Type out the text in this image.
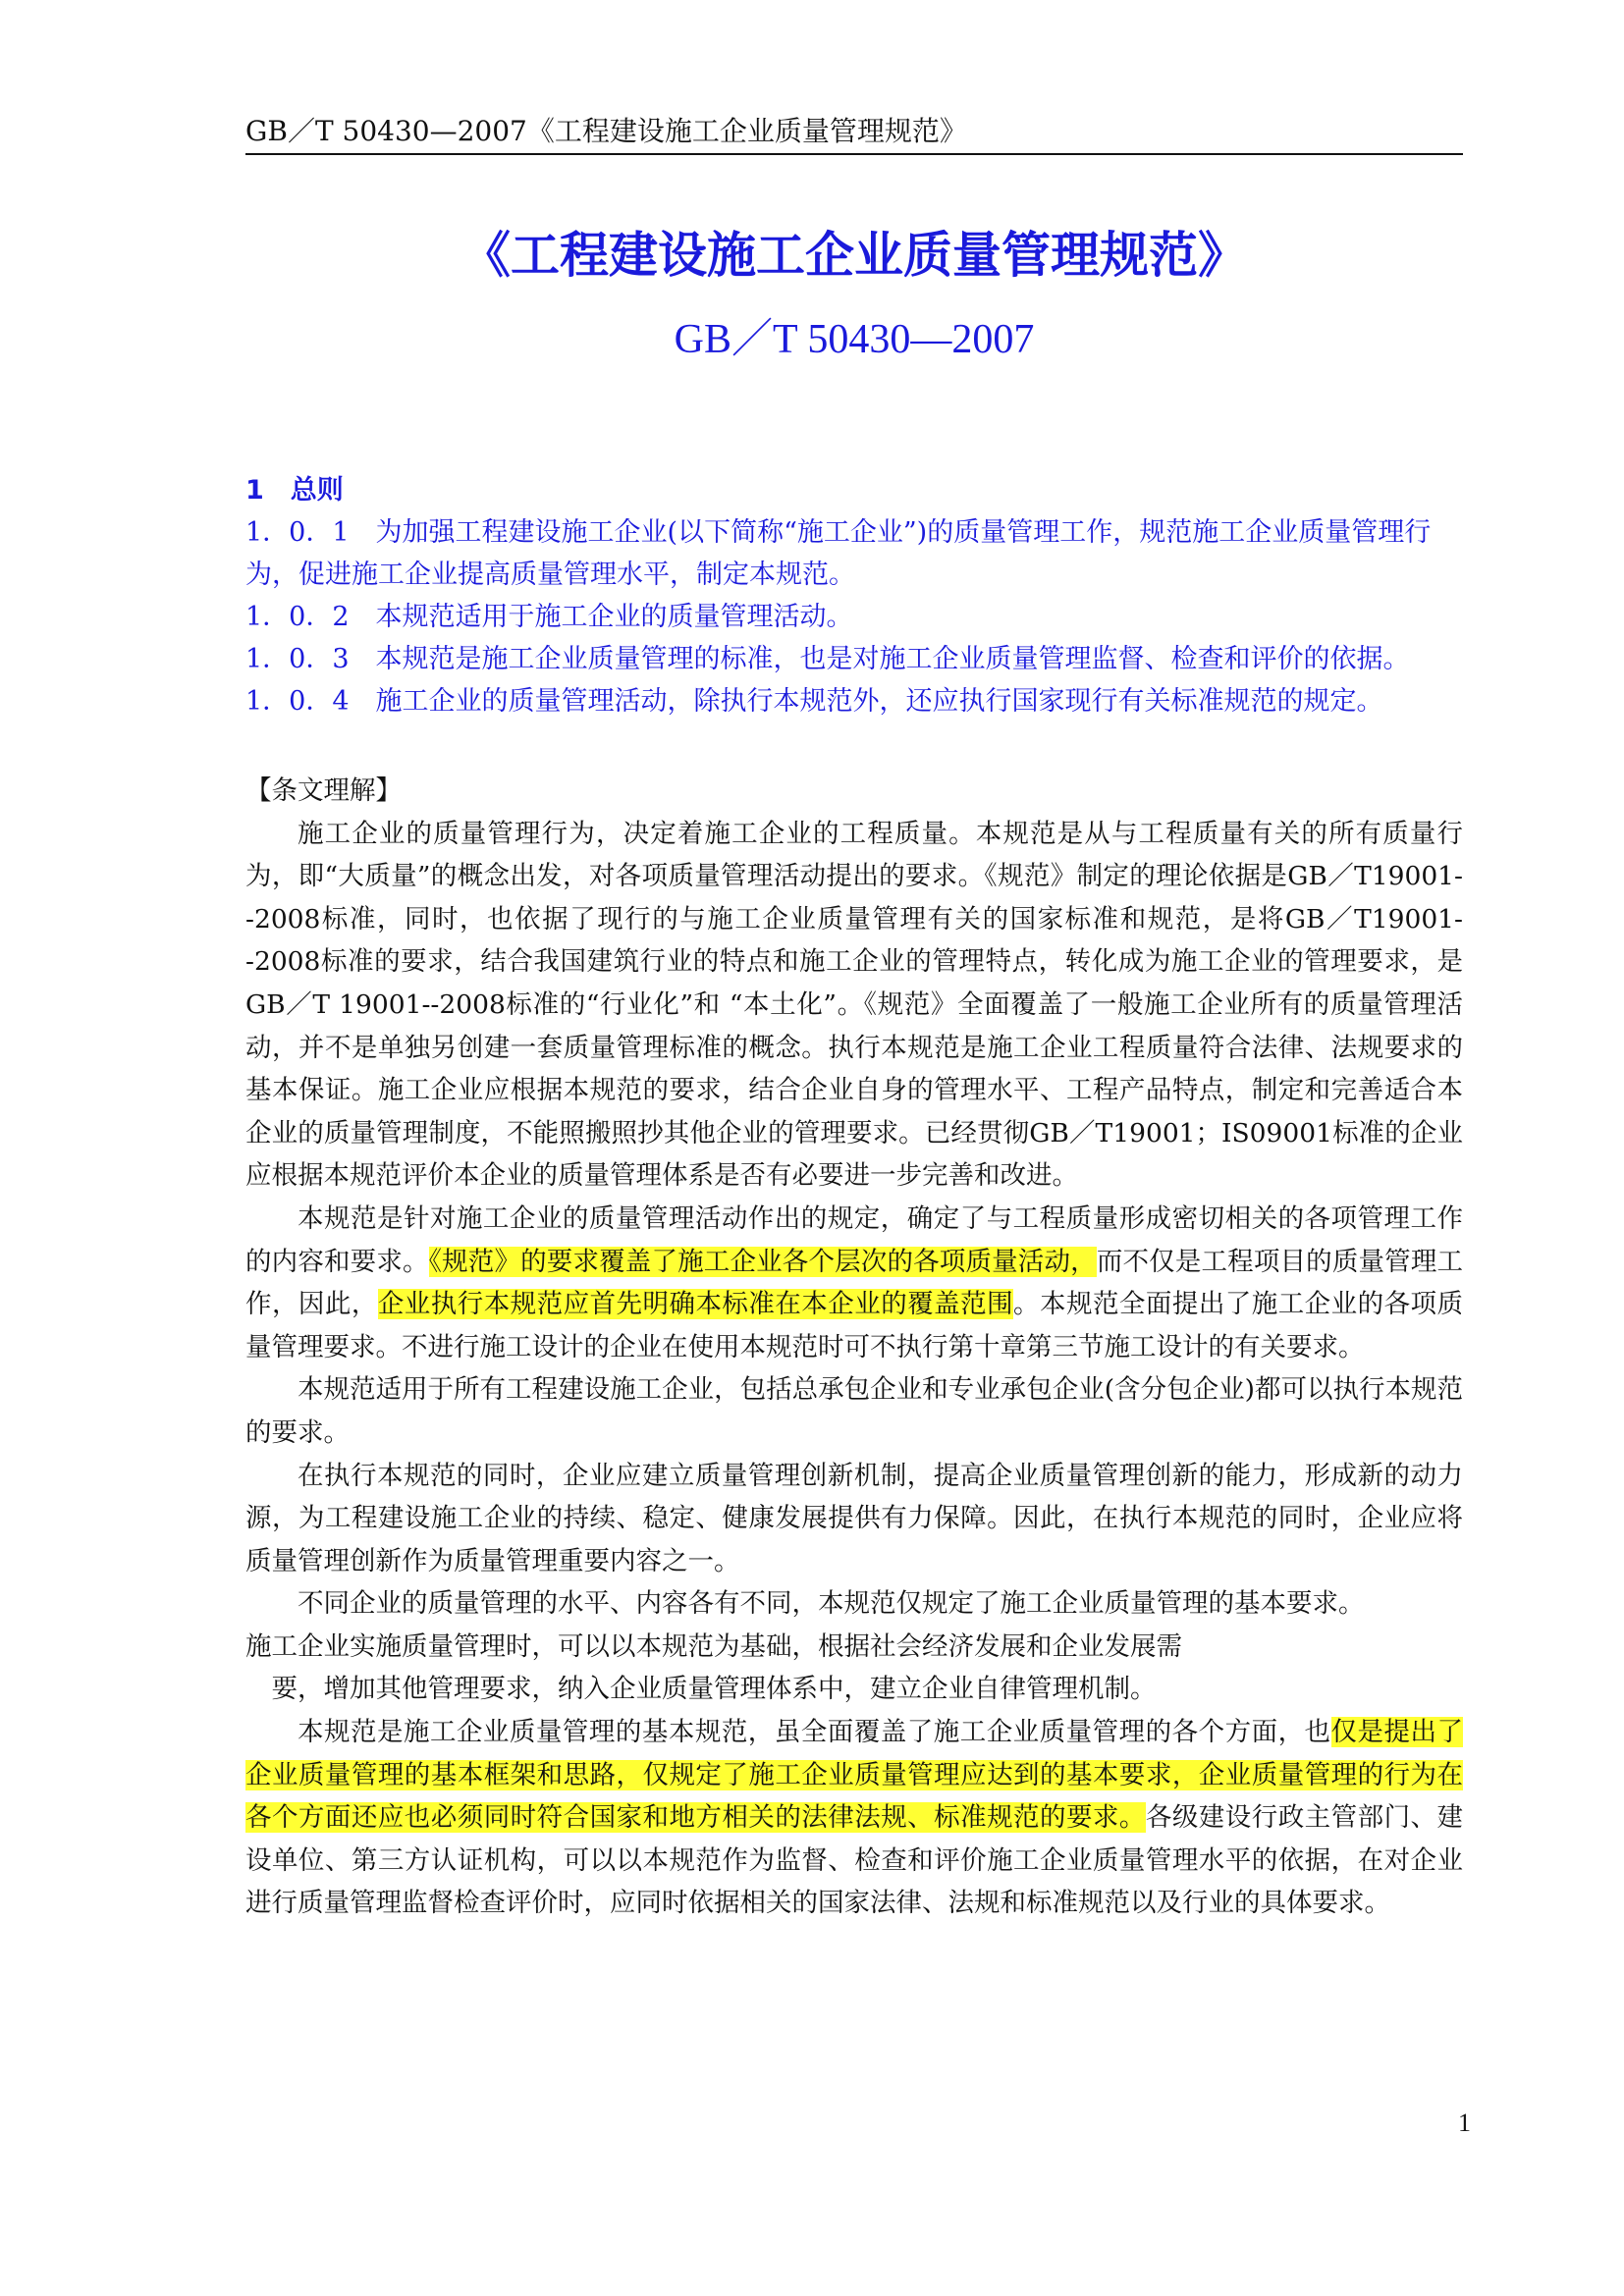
GB／T 50430—2007《工程建设施工企业质量管理规范》
《工程建设施工企业质量管理规范》
GB／T 50430—2007

1　总则

1．0．1　为加强工程建设施工企业(以下简称“施工企业”)的质量管理工作，规范施工企业质量管理行为，促进施工企业提高质量管理水平，制定本规范。

1．0．2　本规范适用于施工企业的质量管理活动。

1．0．3　本规范是施工企业质量管理的标准，也是对施工企业质量管理监督、检查和评价的依据。

1．0．4　施工企业的质量管理活动，除执行本规范外，还应执行国家现行有关标准规范的规定。

【条文理解】

施工企业的质量管理行为，决定着施工企业的工程质量。本规范是从与工程质量有关的所有质量行为，即“大质量”的概念出发，对各项质量管理活动提出的要求。《规范》制定的理论依据是GB／T19001--2008标准，同时，也依据了现行的与施工企业质量管理有关的国家标准和规范，是将GB／T19001--2008标准的要求，结合我国建筑行业的特点和施工企业的管理特点，转化成为施工企业的管理要求，是GB／T 19001--2008标准的“行业化”和 “本土化”。《规范》全面覆盖了一般施工企业所有的质量管理活动，并不是单独另创建一套质量管理标准的概念。执行本规范是施工企业工程质量符合法律、法规要求的基本保证。施工企业应根据本规范的要求，结合企业自身的管理水平、工程产品特点，制定和完善适合本企业的质量管理制度，不能照搬照抄其他企业的管理要求。已经贯彻GB／T19001；IS09001标准的企业应根据本规范评价本企业的质量管理体系是否有必要进一步完善和改进。

本规范是针对施工企业的质量管理活动作出的规定，确定了与工程质量形成密切相关的各项管理工作的内容和要求。《规范》的要求覆盖了施工企业各个层次的各项质量活动，而不仅是工程项目的质量管理工作，因此，企业执行本规范应首先明确本标准在本企业的覆盖范围。本规范全面提出了施工企业的各项质量管理要求。不进行施工设计的企业在使用本规范时可不执行第十章第三节施工设计的有关要求。

本规范适用于所有工程建设施工企业，包括总承包企业和专业承包企业(含分包企业)都可以执行本规范的要求。

在执行本规范的同时，企业应建立质量管理创新机制，提高企业质量管理创新的能力，形成新的动力源，为工程建设施工企业的持续、稳定、健康发展提供有力保障。因此，在执行本规范的同时，企业应将质量管理创新作为质量管理重要内容之一。

不同企业的质量管理的水平、内容各有不同，本规范仅规定了施工企业质量管理的基本要求。

施工企业实施质量管理时，可以以本规范为基础，根据社会经济发展和企业发展需

要，增加其他管理要求，纳入企业质量管理体系中，建立企业自律管理机制。

本规范是施工企业质量管理的基本规范，虽全面覆盖了施工企业质量管理的各个方面，也仅是提出了企业质量管理的基本框架和思路，仅规定了施工企业质量管理应达到的基本要求，企业质量管理的行为在各个方面还应也必须同时符合国家和地方相关的法律法规、标准规范的要求。各级建设行政主管部门、建设单位、第三方认证机构，可以以本规范作为监督、检查和评价施工企业质量管理水平的依据，在对企业进行质量管理监督检查评价时，应同时依据相关的国家法律、法规和标准规范以及行业的具体要求。

1
